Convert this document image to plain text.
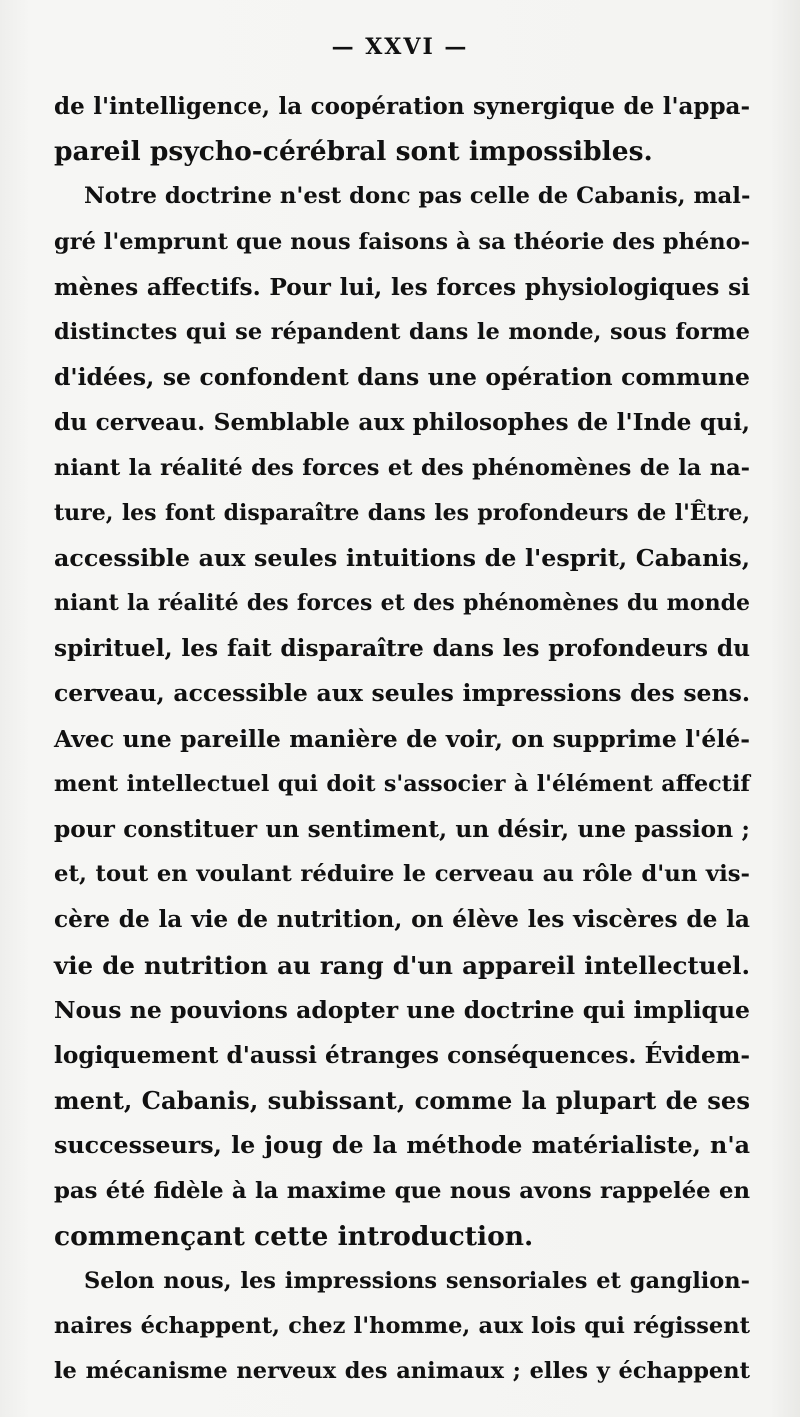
— XXVI —
de l'intelligence, la coopération synergique de l'appa-
pareil psycho-cérébral sont impossibles.
Notre doctrine n'est donc pas celle de Cabanis, mal-
gré l'emprunt que nous faisons à sa théorie des phéno-
mènes affectifs. Pour lui, les forces physiologiques si
distinctes qui se répandent dans le monde, sous forme
d'idées, se confondent dans une opération commune
du cerveau. Semblable aux philosophes de l'Inde qui,
niant la réalité des forces et des phénomènes de la na-
ture, les font disparaître dans les profondeurs de l'Être,
accessible aux seules intuitions de l'esprit, Cabanis,
niant la réalité des forces et des phénomènes du monde
spirituel, les fait disparaître dans les profondeurs du
cerveau, accessible aux seules impressions des sens.
Avec une pareille manière de voir, on supprime l'élé-
ment intellectuel qui doit s'associer à l'élément affectif
pour constituer un sentiment, un désir, une passion ;
et, tout en voulant réduire le cerveau au rôle d'un vis-
cère de la vie de nutrition, on élève les viscères de la
vie de nutrition au rang d'un appareil intellectuel.
Nous ne pouvions adopter une doctrine qui implique
logiquement d'aussi étranges conséquences. Évidem-
ment, Cabanis, subissant, comme la plupart de ses
successeurs, le joug de la méthode matérialiste, n'a
pas été fidèle à la maxime que nous avons rappelée en
commençant cette introduction.
Selon nous, les impressions sensoriales et ganglion-
naires échappent, chez l'homme, aux lois qui régissent
le mécanisme nerveux des animaux ; elles y échappent
